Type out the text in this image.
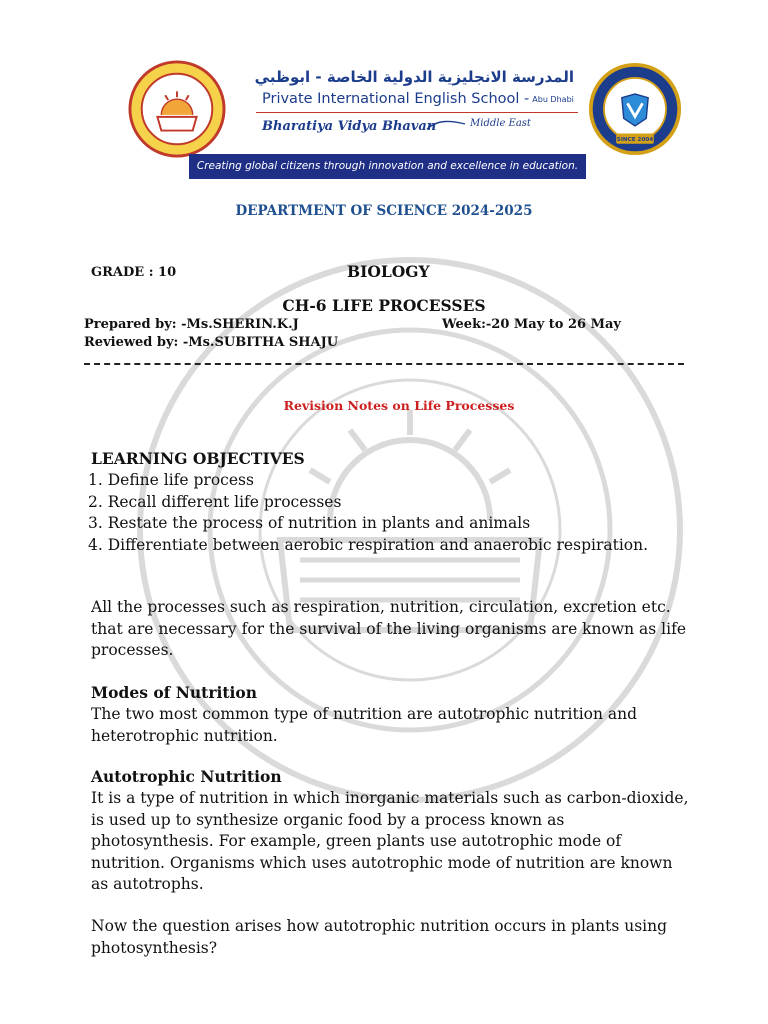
المدرسة الانجليزية الدولية الخاصة - ابوظبي
Private International English School - Abu Dhabi
Bharatiya Vidya Bhavan	Middle East
SINCE 2004
Creating global citizens through innovation and excellence in education.
DEPARTMENT OF SCIENCE 2024-2025
GRADE : 10	BIOLOGY
CH-6 LIFE PROCESSES
Prepared by: -Ms.SHERIN.K.J	Week:-20 May to 26 May
Reviewed by: -Ms.SUBITHA SHAJU
Revision Notes on Life Processes
LEARNING OBJECTIVES
1. Define life process
2. Recall different life processes
3. Restate the process of nutrition in plants and animals
4. Differentiate between aerobic respiration and anaerobic respiration.
All the processes such as respiration, nutrition, circulation, excretion etc. that are necessary for the survival of the living organisms are known as life processes.
Modes of Nutrition
The two most common type of nutrition are autotrophic nutrition and heterotrophic nutrition.
Autotrophic Nutrition
It is a type of nutrition in which inorganic materials such as carbon-dioxide, is used up to synthesize organic food by a process known as photosynthesis. For example, green plants use autotrophic mode of nutrition. Organisms which uses autotrophic mode of nutrition are known as autotrophs.
Now the question arises how autotrophic nutrition occurs in plants using photosynthesis?
